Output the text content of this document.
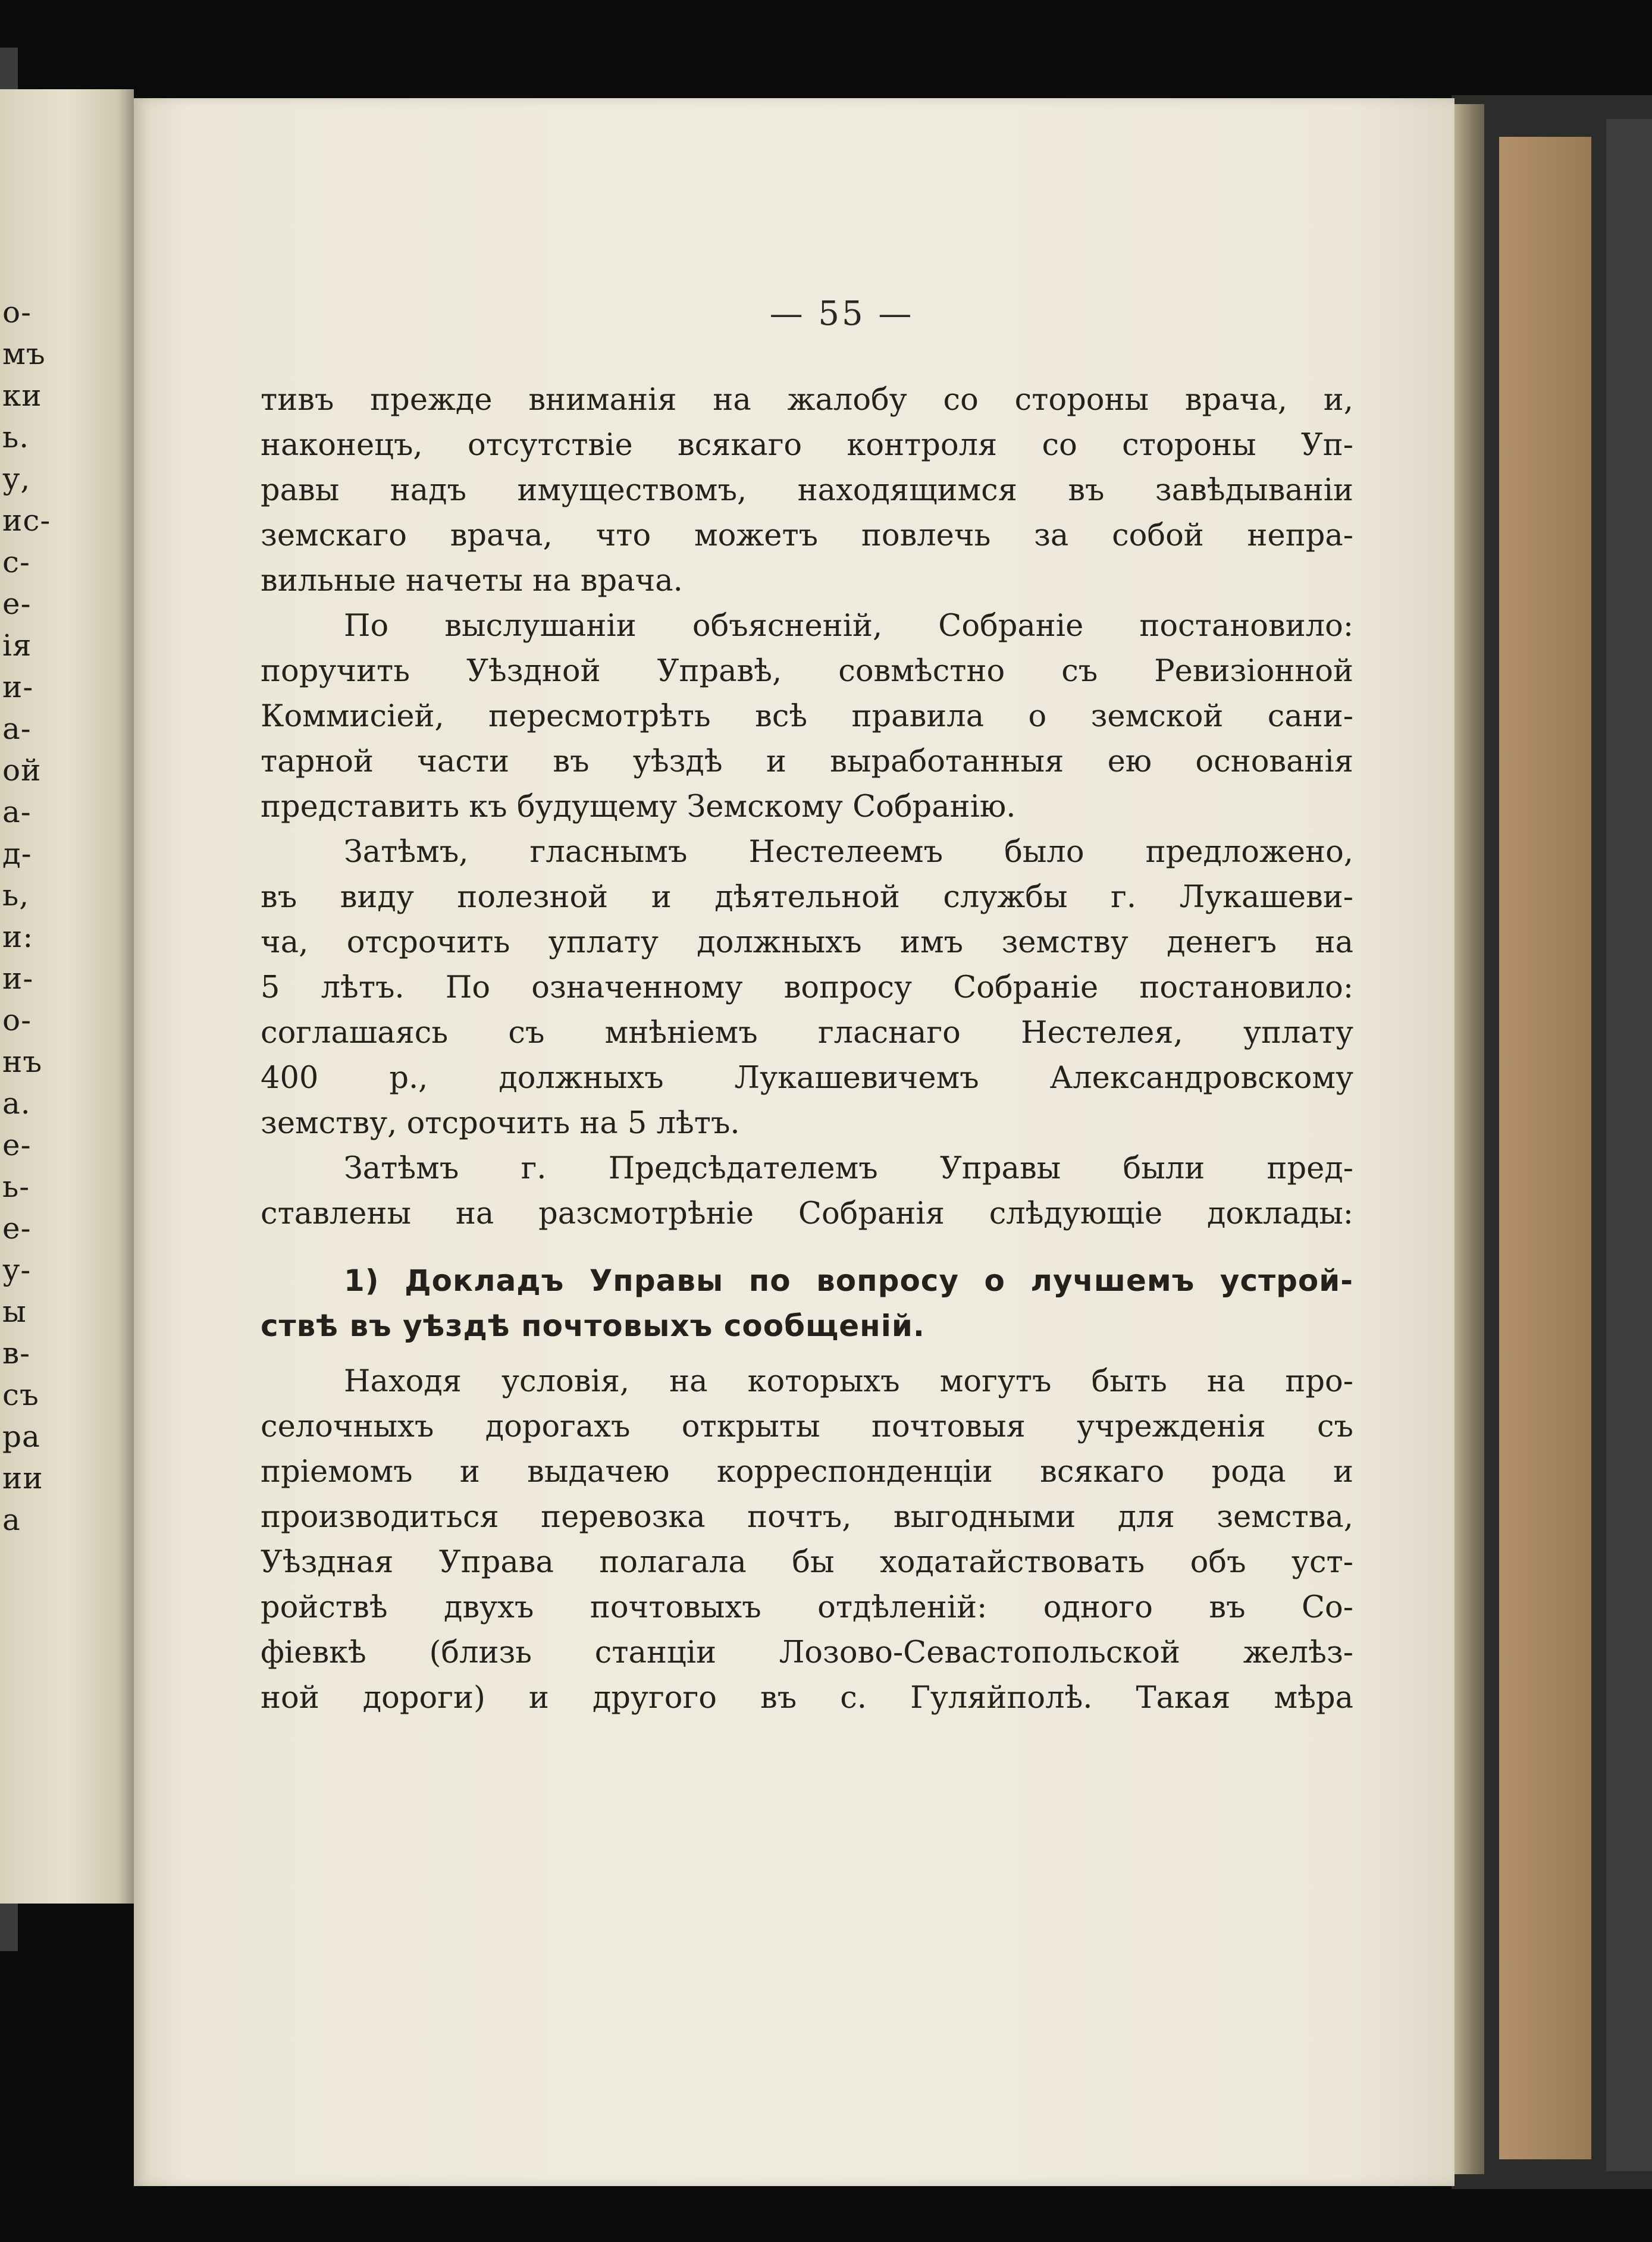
о-
мъ
ки
ь.
у,
ис-
с-
е-
ія
и-
а-
ой
а-
д-
ь,
и:
и-
о-
нъ
а.
е-
ь-
е-
у-
ы
в-
съ
ра
ии
а
— 55 —
тивъ прежде вниманія на жалобу со стороны врача, и,
наконецъ, отсутствіе всякаго контроля со стороны Уп-
равы надъ имуществомъ, находящимся въ завѣдываніи
земскаго врача, что можетъ повлечь за собой непра-
вильные начеты на врача.
По выслушаніи объясненій, Собраніе постановило:
поручить Уѣздной Управѣ, совмѣстно съ Ревизіонной
Коммисіей, пересмотрѣть всѣ правила о земской сани-
тарной части въ уѣздѣ и выработанныя ею основанія
представить къ будущему Земскому Собранію.
Затѣмъ, гласнымъ Нестелеемъ было предложено,
въ виду полезной и дѣятельной службы г. Лукашеви-
ча, отсрочить уплату должныхъ имъ земству денегъ на
5 лѣтъ. По означенному вопросу Собраніе постановило:
соглашаясь съ мнѣніемъ гласнаго Нестелея, уплату
400 р., должныхъ Лукашевичемъ Александровскому
земству, отсрочить на 5 лѣтъ.
Затѣмъ г. Предсѣдателемъ Управы были пред-
ставлены на разсмотрѣніе Собранія слѣдующіе доклады:
1) Докладъ Управы по вопросу о лучшемъ устрой-
ствѣ въ уѣздѣ почтовыхъ сообщеній.
Находя условія, на которыхъ могутъ быть на про-
селочныхъ дорогахъ открыты почтовыя учрежденія съ
пріемомъ и выдачею корреспонденціи всякаго рода и
производиться перевозка почтъ, выгодными для земства,
Уѣздная Управа полагала бы ходатайствовать объ уст-
ройствѣ двухъ почтовыхъ отдѣленій: одного въ Со-
фіевкѣ (близь станціи Лозово-Севастопольской желѣз-
ной дороги) и другого въ с. Гуляйполѣ. Такая мѣра
